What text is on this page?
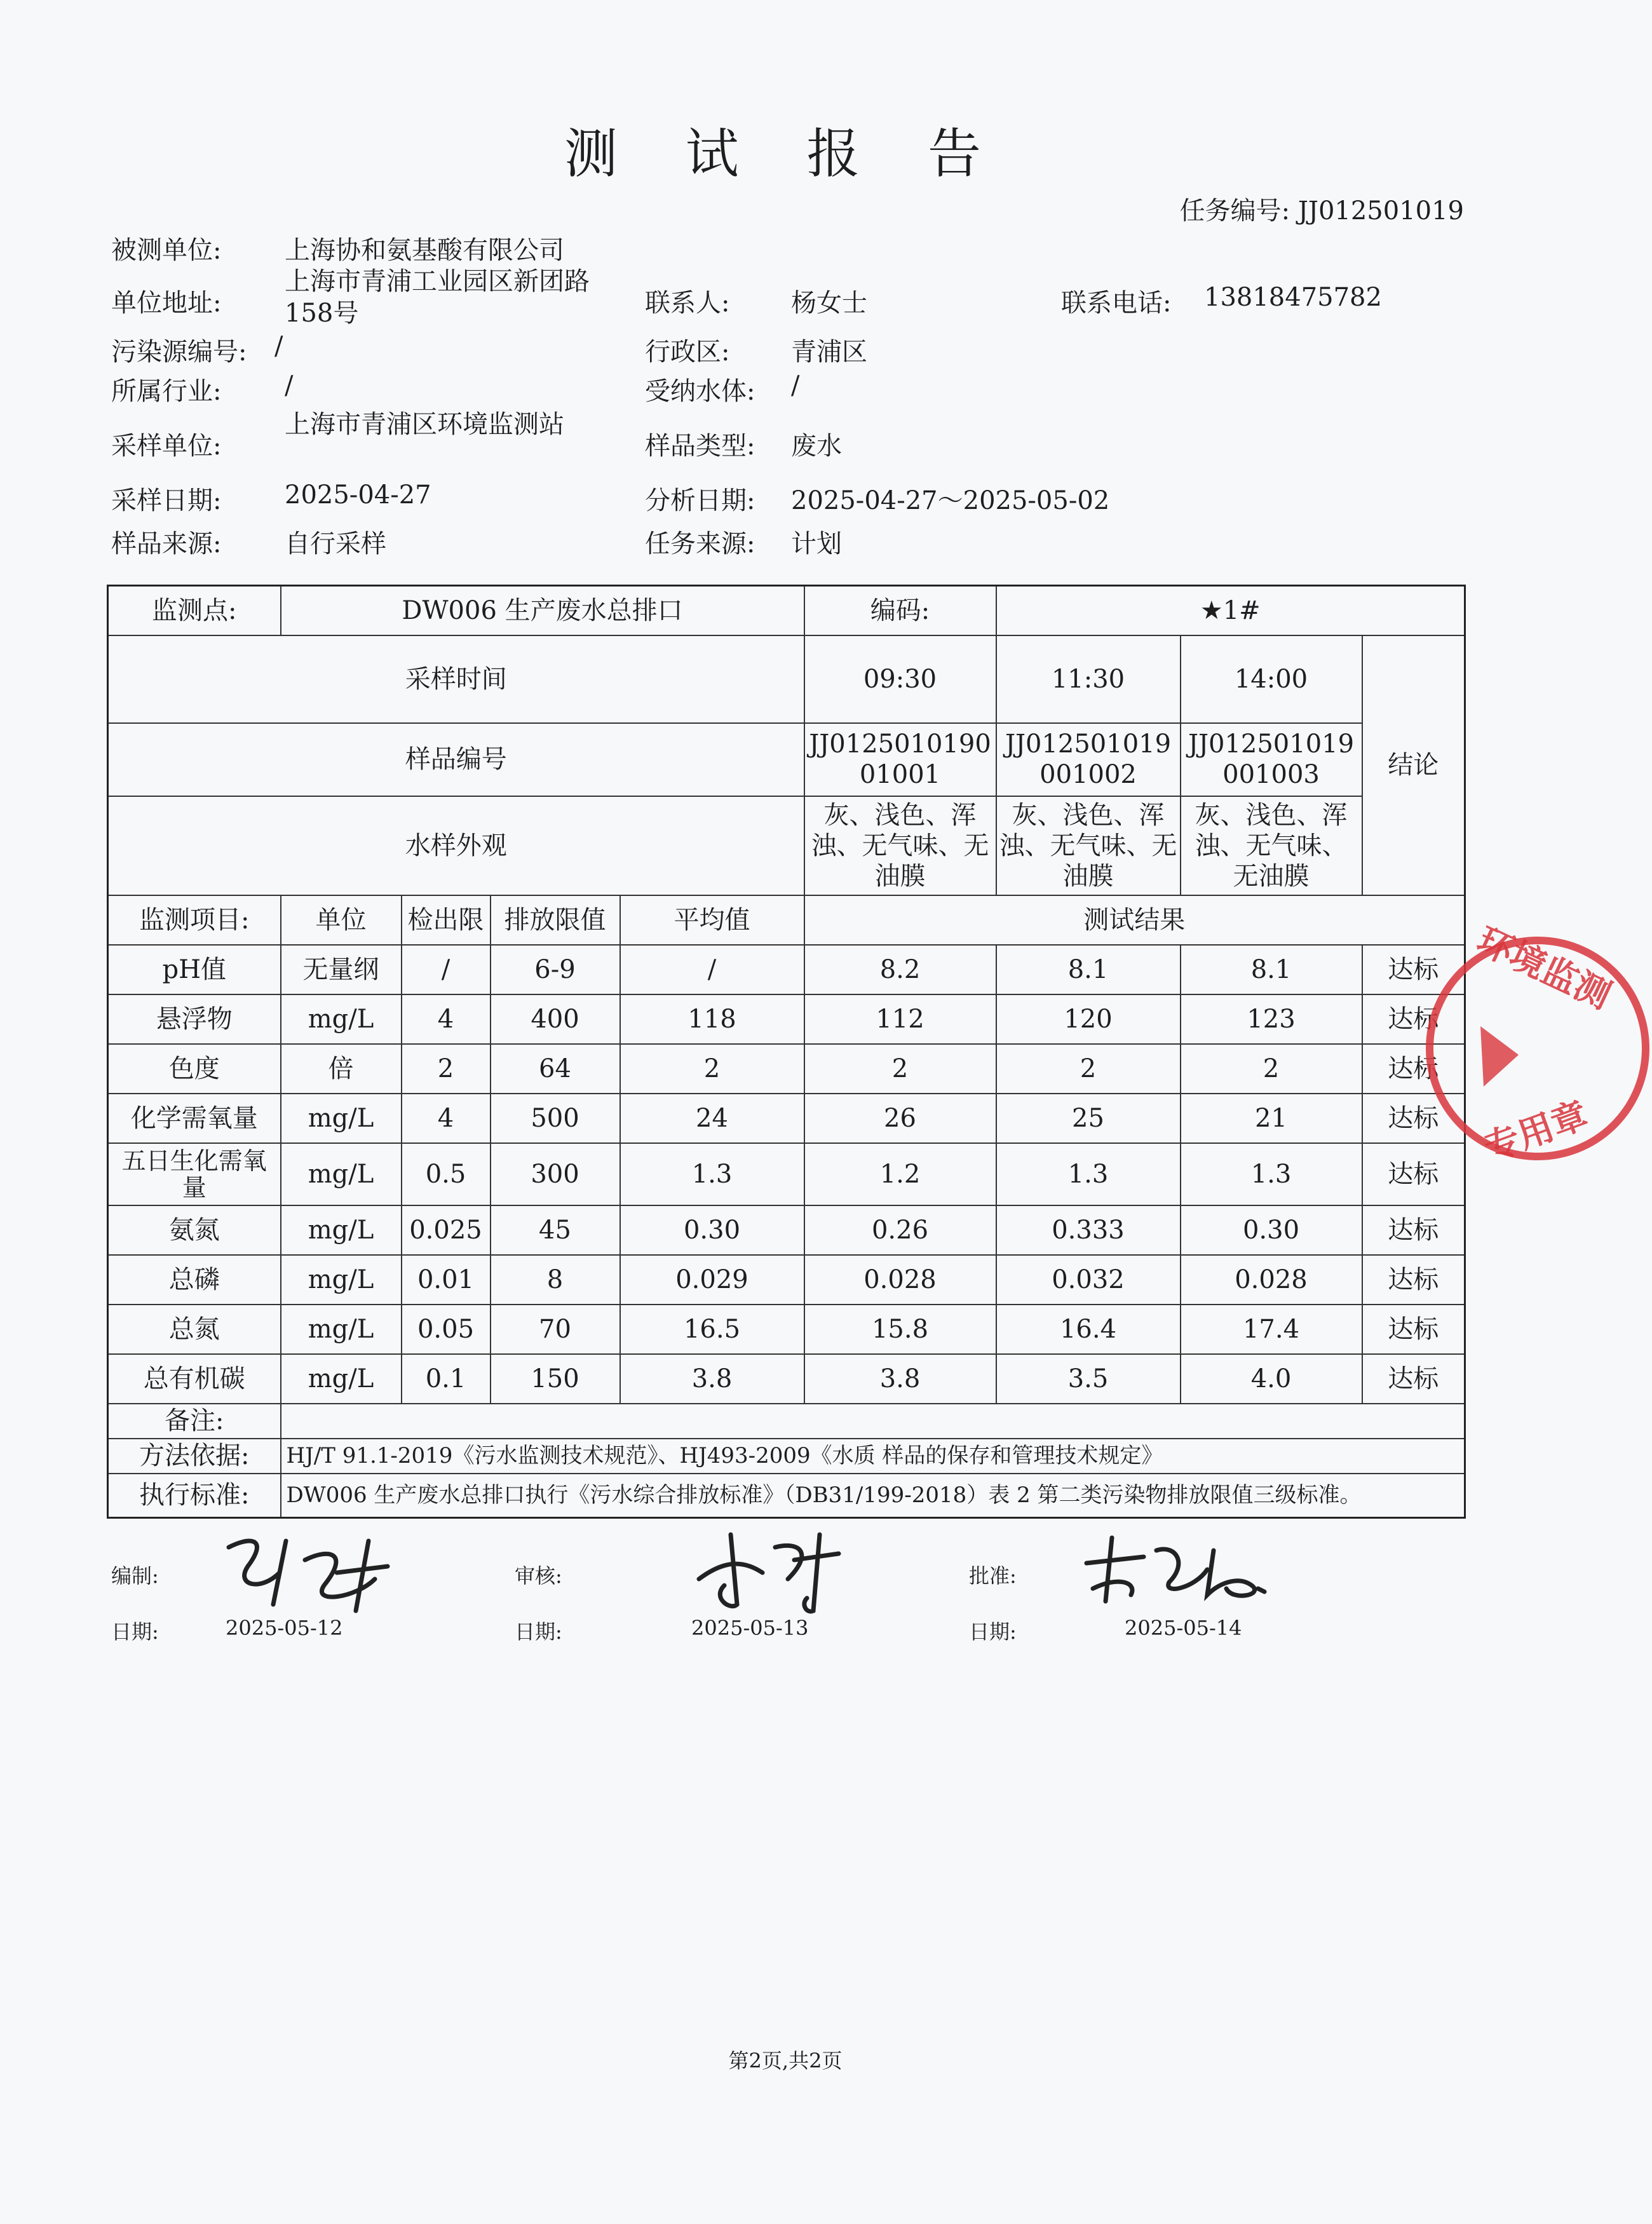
测 试 报 告
任务编号: JJ012501019
被测单位: 上海协和氨基酸有限公司
单位地址:
上海市青浦工业园区新团路158号	联系人: 杨女士	联系电话: 13818475782
污染源编号: /	行政区: 青浦区
所属行业: /	受纳水体: /
采样单位:
上海市青浦区环境监测站
样品类型: 废水
采样日期: 2025-04-27	分析日期: 2025-04-27～2025-05-02
样品来源: 自行采样	任务来源: 计划
监测点:	DW006 生产废水总排口				编码:	★1#		
采样时间					09:30	11:30	14:00	结论
样品编号					JJ012501019001001	JJ012501019001002	JJ012501019001003	
水样外观					灰、浅色、浑浊、无气味、无油膜	灰、浅色、浑浊、无气味、无油膜	灰、浅色、浑浊、无气味、无油膜	
监测项目:	单位	检出限	排放限值	平均值	测试结果			
pH值	无量纲	/	6-9	/	8.2	8.1	8.1	达标
悬浮物	mg/L	4	400	118	112	120	123	达标
色度	倍	2	64	2	2	2	2	达标
化学需氧量	mg/L	4	500	24	26	25	21	达标
五日生化需氧量	mg/L	0.5	300	1.3	1.2	1.3	1.3	达标
氨氮	mg/L	0.025	45	0.30	0.26	0.333	0.30	达标
总磷	mg/L	0.01	8	0.029	0.028	0.032	0.028	达标
总氮	mg/L	0.05	70	16.5	15.8	16.4	17.4	达标
总有机碳	mg/L	0.1	150	3.8	3.8	3.5	4.0	达标
备注:								
方法依据:	HJ/T 91.1-2019《污水监测技术规范》、HJ493-2009《水质 样品的保存和管理技术规定》							
执行标准:	DW006 生产废水总排口执行《污水综合排放标准》（DB31/199-2018）表 2 第二类污染物排放限值三级标准。							
环境监测
专用章
编制:	审核:	批准:
日期:	2025-05-12	日期:	2025-05-13	日期:	2025-05-14
第2页,共2页
